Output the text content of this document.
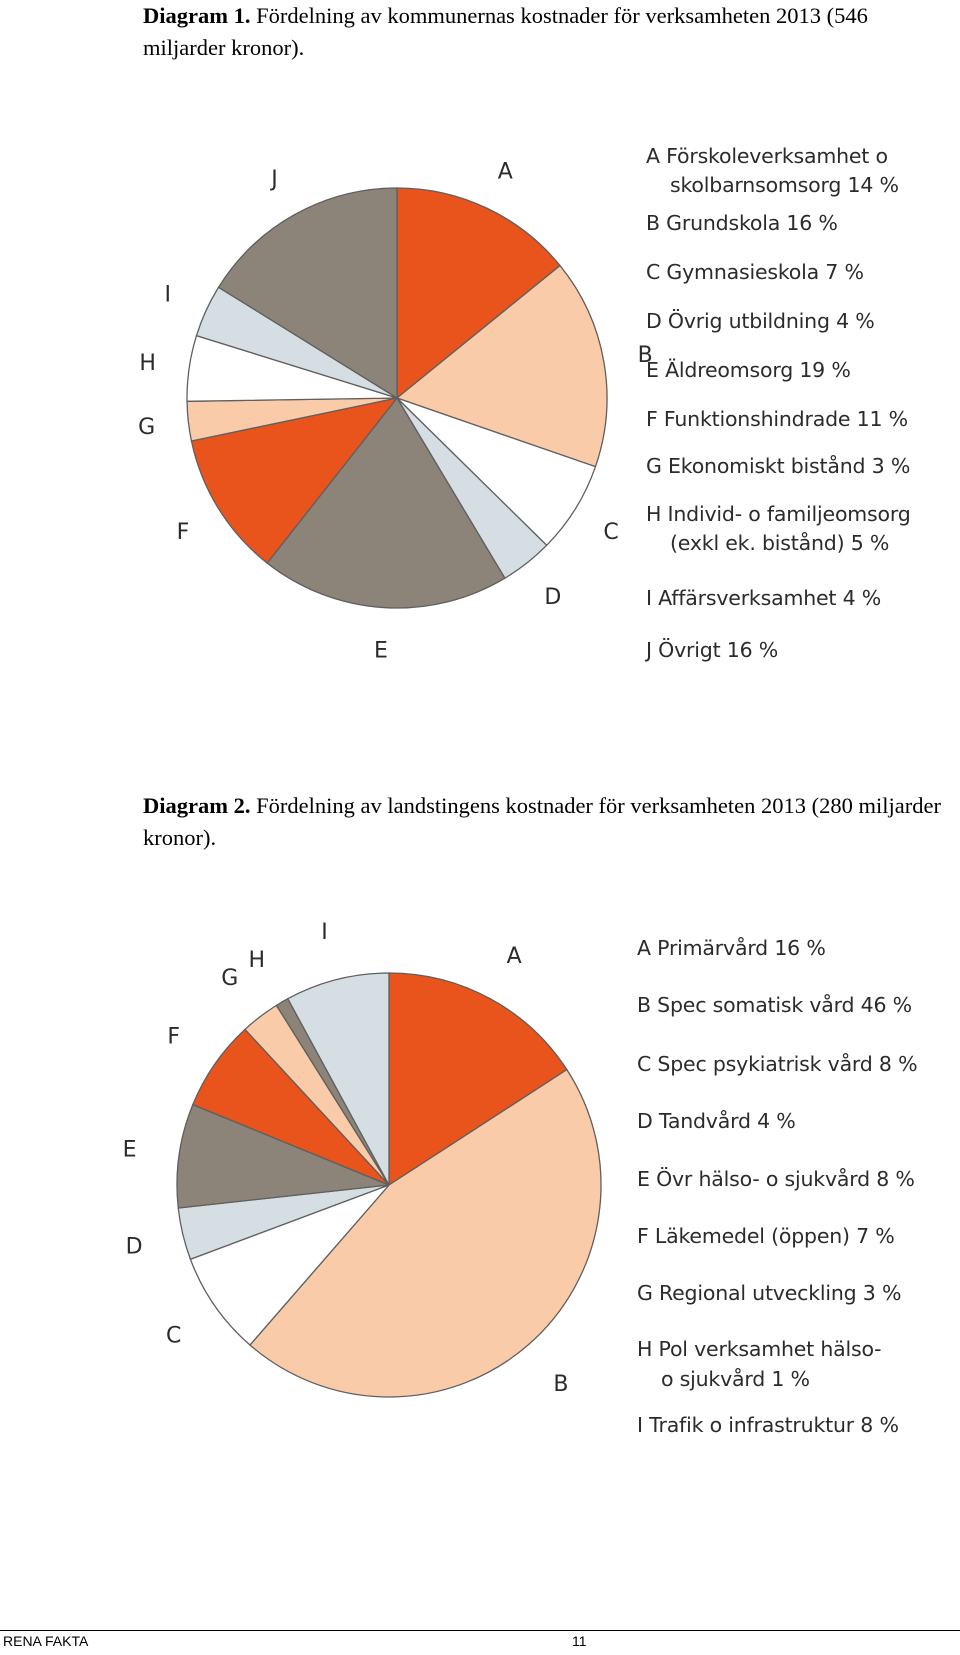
Diagram 1. Fördelning av kommunernas kostnader för verksamheten 2013 (546 miljarder kronor).
A
B
C
D
E
F
G
H
I
J
A Förskoleverksamhet o
skolbarnsomsorg 14 %
B Grundskola 16 %
C Gymnasieskola 7 %
D Övrig utbildning 4 %
E Äldreomsorg 19 %
F Funktionshindrade 11 %
G Ekonomiskt bistånd 3 %
H Individ- o familjeomsorg
(exkl ek. bistånd) 5 %
I Affärsverksamhet 4 %
J Övrigt 16 %
Diagram 2. Fördelning av landstingens kostnader för verksamheten 2013 (280 miljarder kronor).
A
B
C
D
E
F
G
H
I
A Primärvård 16 %
B Spec somatisk vård 46 %
C Spec psykiatrisk vård 8 %
D Tandvård 4 %
E Övr hälso- o sjukvård 8 %
F Läkemedel (öppen) 7 %
G Regional utveckling 3 %
H Pol verksamhet hälso-
o sjukvård 1 %
I Trafik o infrastruktur 8 %
RENA FAKTA	11
